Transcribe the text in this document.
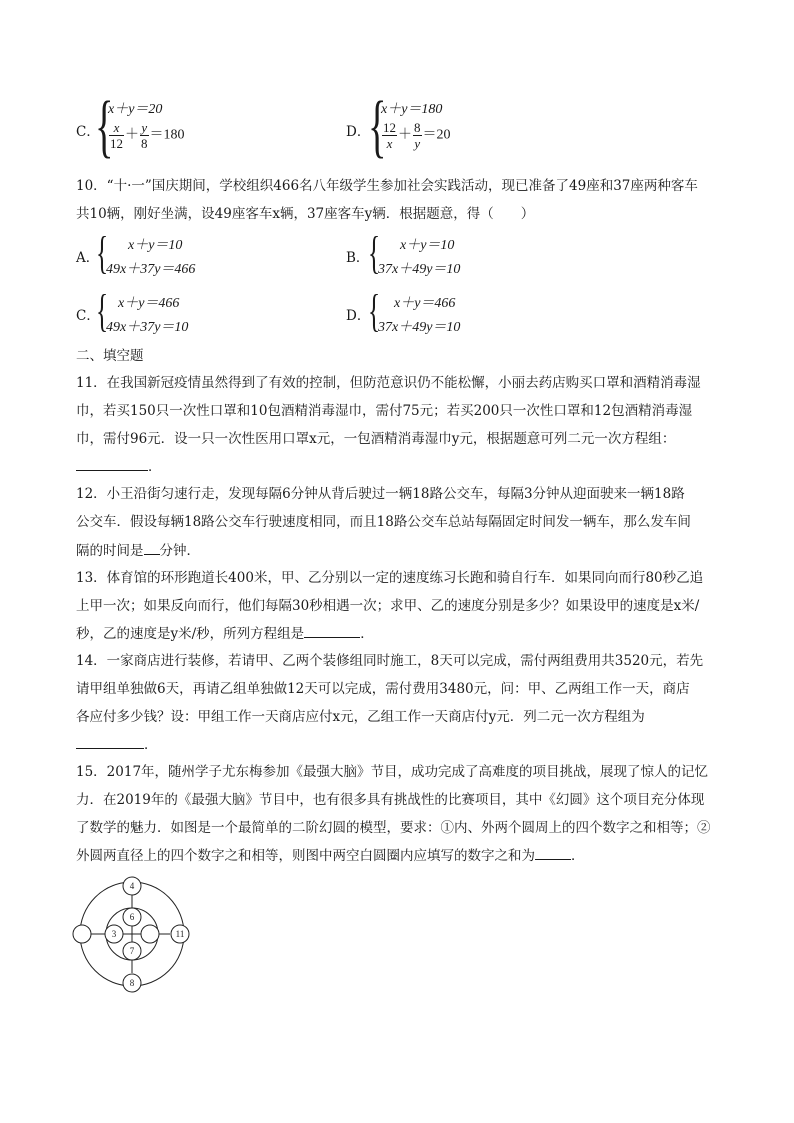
C．
{
x＋y＝20
$\frac{x}{12} + \frac{y}{8} =180$	D．
{
x＋y＝180
$\frac{12}{x} + \frac{8}{y} =20$
10．“十·一”国庆期间，学校组织466名八年级学生参加社会实践活动，现已准备了49座和37座两种客车
共10辆，刚好坐满，设49座客车x辆，37座客车y辆．根据题意，得（　　）
A．
{ x＋y＝10
49x＋37y＝466
B．
{ x＋y＝10
37x＋49y＝10
C．
{ x＋y＝466
49x＋37y＝10
D．
{ x＋y＝466
37x＋49y＝10
二、填空题
11．在我国新冠疫情虽然得到了有效的控制，但防范意识仍不能松懈，小丽去药店购买口罩和酒精消毒湿
巾，若买150只一次性口罩和10包酒精消毒湿巾，需付75元；若买200只一次性口罩和12包酒精消毒湿
巾，需付96元．设一只一次性医用口罩x元，一包酒精消毒湿巾y元，根据题意可列二元一次方程组：
．
12．小王沿街匀速行走，发现每隔6分钟从背后驶过一辆18路公交车，每隔3分钟从迎面驶来一辆18路
公交车．假设每辆18路公交车行驶速度相同，而且18路公交车总站每隔固定时间发一辆车，那么发车间
隔的时间是 分钟．
13．体育馆的环形跑道长400米，甲、乙分别以一定的速度练习长跑和骑自行车．如果同向而行80秒乙追
上甲一次；如果反向而行，他们每隔30秒相遇一次；求甲、乙的速度分别是多少？如果设甲的速度是x米/
秒，乙的速度是y米/秒，所列方程组是	．
14．一家商店进行装修，若请甲、乙两个装修组同时施工，8天可以完成，需付两组费用共3520元，若先
请甲组单独做6天，再请乙组单独做12天可以完成，需付费用3480元，问：甲、乙两组工作一天，商店
各应付多少钱？设：甲组工作一天商店应付x元，乙组工作一天商店付y元．列二元一次方程组为
．
15．2017年，随州学子尤东梅参加《最强大脑》节目，成功完成了高难度的项目挑战，展现了惊人的记忆
力．在2019年的《最强大脑》节目中，也有很多具有挑战性的比赛项目，其中《幻圆》这个项目充分体现
了数学的魅力．如图是一个最简单的二阶幻圆的模型，要求：①内、外两个圆周上的四个数字之和相等；②
外圆两直径上的四个数字之和相等，则图中两空白圆圈内应填写的数字之和为	．
4
6
3	11
7
8
